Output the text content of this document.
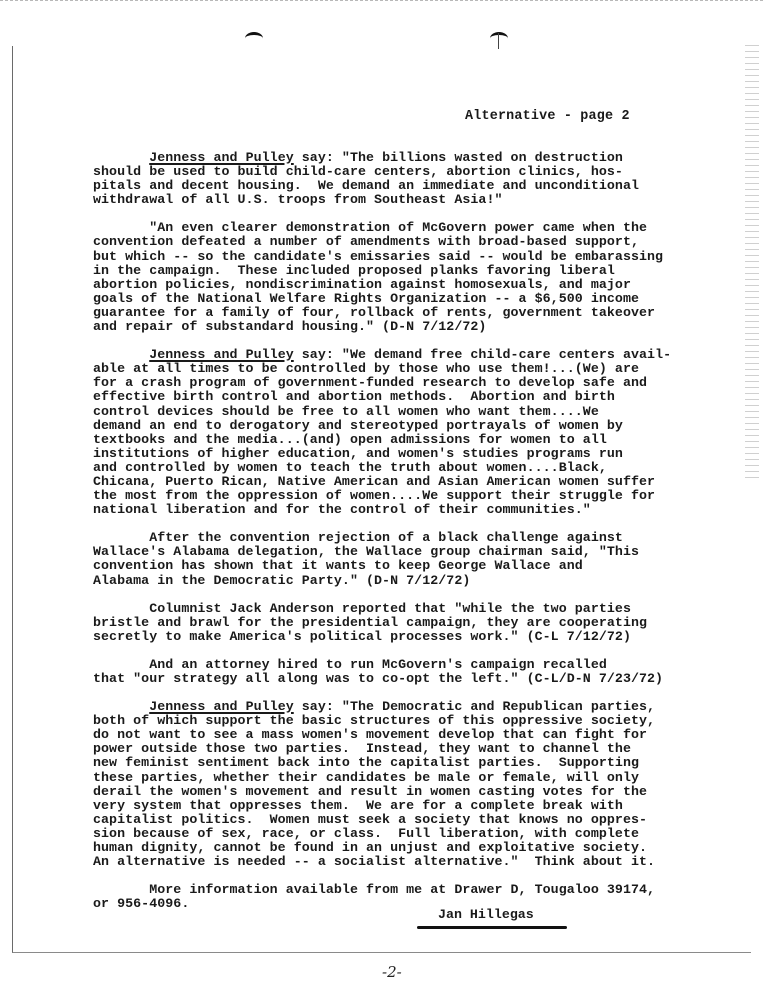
Alternative - page 2
Jenness and Pulley say: "The billions wasted on destruction
should be used to build child-care centers, abortion clinics, hos-
pitals and decent housing.  We demand an immediate and unconditional
withdrawal of all U.S. troops from Southeast Asia!"
"An even clearer demonstration of McGovern power came when the
convention defeated a number of amendments with broad-based support,
but which -- so the candidate's emissaries said -- would be embarassing
in the campaign.  These included proposed planks favoring liberal
abortion policies, nondiscrimination against homosexuals, and major
goals of the National Welfare Rights Organization -- a $6,500 income
guarantee for a family of four, rollback of rents, government takeover
and repair of substandard housing." (D-N 7/12/72)
Jenness and Pulley say: "We demand free child-care centers avail-
able at all times to be controlled by those who use them!...(We) are
for a crash program of government-funded research to develop safe and
effective birth control and abortion methods.  Abortion and birth
control devices should be free to all women who want them....We
demand an end to derogatory and stereotyped portrayals of women by
textbooks and the media...(and) open admissions for women to all
institutions of higher education, and women's studies programs run
and controlled by women to teach the truth about women....Black,
Chicana, Puerto Rican, Native American and Asian American women suffer
the most from the oppression of women....We support their struggle for
national liberation and for the control of their communities."
After the convention rejection of a black challenge against
Wallace's Alabama delegation, the Wallace group chairman said, "This
convention has shown that it wants to keep George Wallace and
Alabama in the Democratic Party." (D-N 7/12/72)
Columnist Jack Anderson reported that "while the two parties
bristle and brawl for the presidential campaign, they are cooperating
secretly to make America's political processes work." (C-L 7/12/72)
And an attorney hired to run McGovern's campaign recalled
that "our strategy all along was to co-opt the left." (C-L/D-N 7/23/72)
Jenness and Pulley say: "The Democratic and Republican parties,
both of which support the basic structures of this oppressive society,
do not want to see a mass women's movement develop that can fight for
power outside those two parties.  Instead, they want to channel the
new feminist sentiment back into the capitalist parties.  Supporting
these parties, whether their candidates be male or female, will only
derail the women's movement and result in women casting votes for the
very system that oppresses them.  We are for a complete break with
capitalist politics.  Women must seek a society that knows no oppres-
sion because of sex, race, or class.  Full liberation, with complete
human dignity, cannot be found in an unjust and exploitative society.
An alternative is needed -- a socialist alternative."  Think about it.
More information available from me at Drawer D, Tougaloo 39174,
or 956-4096.
Jan Hillegas
-2-
